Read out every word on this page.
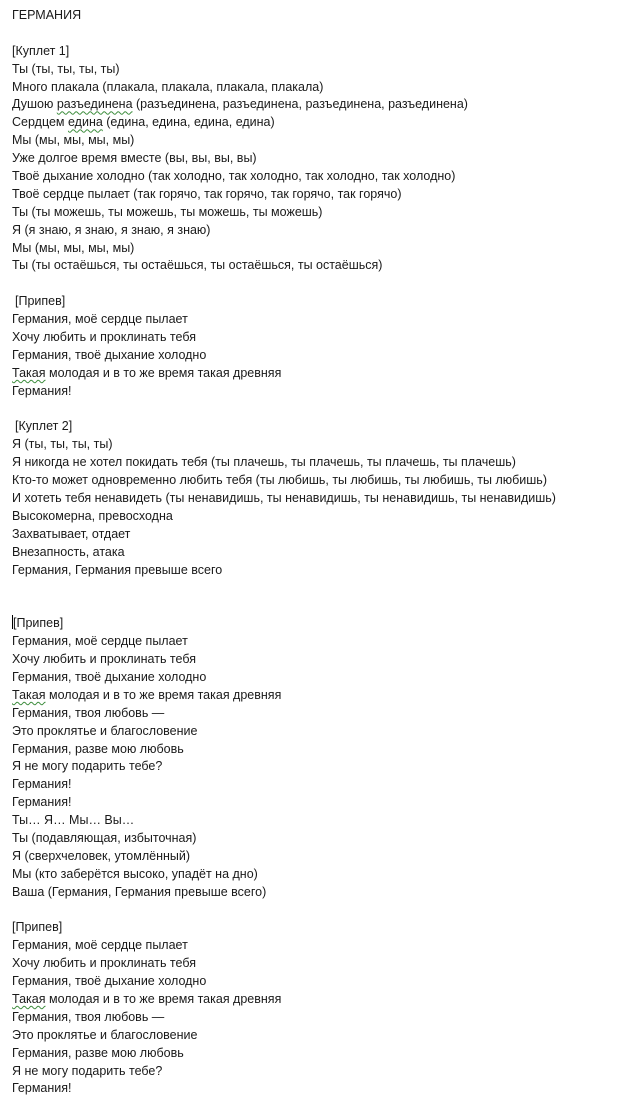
ГЕРМАНИЯ
[Куплет 1]
Ты (ты, ты, ты, ты)
Много плакала (плакала, плакала, плакала, плакала)
Душою разъединена (разъединена, разъединена, разъединена, разъединена)
Сердцем едина (едина, едина, едина, едина)
Мы (мы, мы, мы, мы)
Уже долгое время вместе (вы, вы, вы, вы)
Твоё дыхание холодно (так холодно, так холодно, так холодно, так холодно)
Твоё сердце пылает (так горячо, так горячо, так горячо, так горячо)
Ты (ты можешь, ты можешь, ты можешь, ты можешь)
Я (я знаю, я знаю, я знаю, я знаю)
Мы (мы, мы, мы, мы)
Ты (ты остаёшься, ты остаёшься, ты остаёшься, ты остаёшься)
[Припев]
Германия, моё сердце пылает
Хочу любить и проклинать тебя
Германия, твоё дыхание холодно
Такая молодая и в то же время такая древняя
Германия!
[Куплет 2]
Я (ты, ты, ты, ты)
Я никогда не хотел покидать тебя (ты плачешь, ты плачешь, ты плачешь, ты плачешь)
Кто-то может одновременно любить тебя (ты любишь, ты любишь, ты любишь, ты любишь)
И хотеть тебя ненавидеть (ты ненавидишь, ты ненавидишь, ты ненавидишь, ты ненавидишь)
Высокомерна, превосходна
Захватывает, отдает
Внезапность, атака
Германия, Германия превыше всего
[Припев]
Германия, моё сердце пылает
Хочу любить и проклинать тебя
Германия, твоё дыхание холодно
Такая молодая и в то же время такая древняя
Германия, твоя любовь —
Это проклятье и благословение
Германия, разве мою любовь
Я не могу подарить тебе?
Германия!
Германия!
Ты… Я… Мы… Вы…
Ты (подавляющая, избыточная)
Я (сверхчеловек, утомлённый)
Мы (кто заберётся высоко, упадёт на дно)
Ваша (Германия, Германия превыше всего)
[Припев]
Германия, моё сердце пылает
Хочу любить и проклинать тебя
Германия, твоё дыхание холодно
Такая молодая и в то же время такая древняя
Германия, твоя любовь —
Это проклятье и благословение
Германия, разве мою любовь
Я не могу подарить тебе?
Германия!
